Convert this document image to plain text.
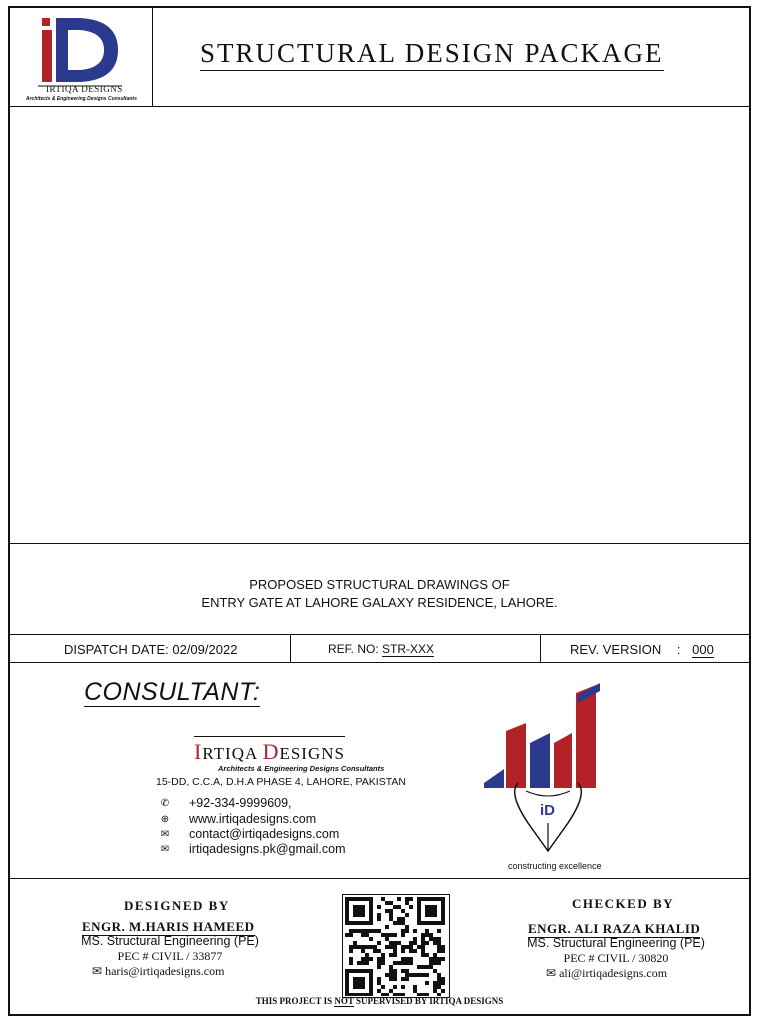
IRTIQA DESIGNS
Architects & Engineering Designs Consultants
STRUCTURAL DESIGN PACKAGE
PROPOSED STRUCTURAL DRAWINGS OF
ENTRY GATE AT LAHORE GALAXY RESIDENCE, LAHORE.
DISPATCH DATE: 02/09/2022	REF. NO: STR-XXX	REV. VERSION : 000
CONSULTANT:
IRTIQA DESIGNS
Architects & Engineering Designs Consultants
15-DD, C.C.A, D.H.A PHASE 4, LAHORE, PAKISTAN
✆ +92-334-9999609,
⊕ www.irtiqadesigns.com
✉ contact@irtiqadesigns.com
✉ irtiqadesigns.pk@gmail.com
iD
constructing excellence
DESIGNED BY
ENGR. M.HARIS HAMEED
MS. Structural Engineering (PE)
PEC # CIVIL / 33877
✉ haris@irtiqadesigns.com
CHECKED BY
ENGR. ALI RAZA KHALID
MS. Structural Engineering (PE)
PEC # CIVIL / 30820
✉ ali@irtiqadesigns.com
THIS PROJECT IS NOT SUPERVISED BY IRTIQA DESIGNS
